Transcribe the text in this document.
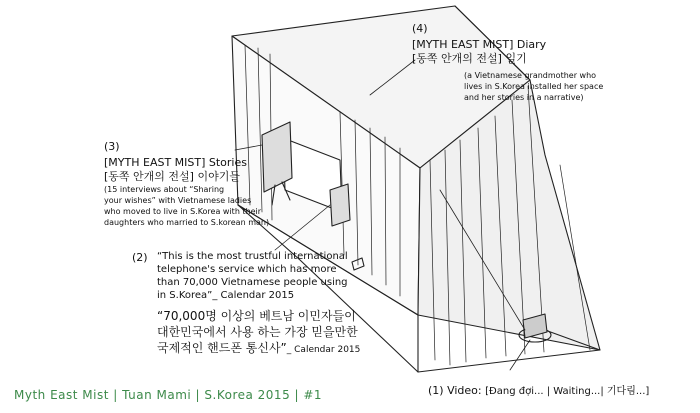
(4)
[MYTH EAST MIST] Diary
[동쪽 안개의 전설] 일기
(a Vietnamese grandmother who
lives in S.Korea installed her space
and her stories in a narrative)
(3)
[MYTH EAST MIST] Stories
[동쪽 안개의 전설] 이야기들
(15 interviews about “Sharing
your wishes” with Vietnamese ladies
who moved to live in S.Korea with their
daughters who married to S.korean man)
(2) “This is the most trustful international
telephone's service which has more
than 70,000 Vietnamese people using
in S.Korea”_ Calendar 2015
“70,000명 이상의 베트남 이민자들이
대한민국에서 사용 하는 가장 믿을만한
국제적인 핸드폰 통신사”_ Calendar 2015
(1) Video: [Đang đợi... | Waiting...| 기다림...]
Myth East Mist | Tuan Mami | S.Korea 2015 | #1
